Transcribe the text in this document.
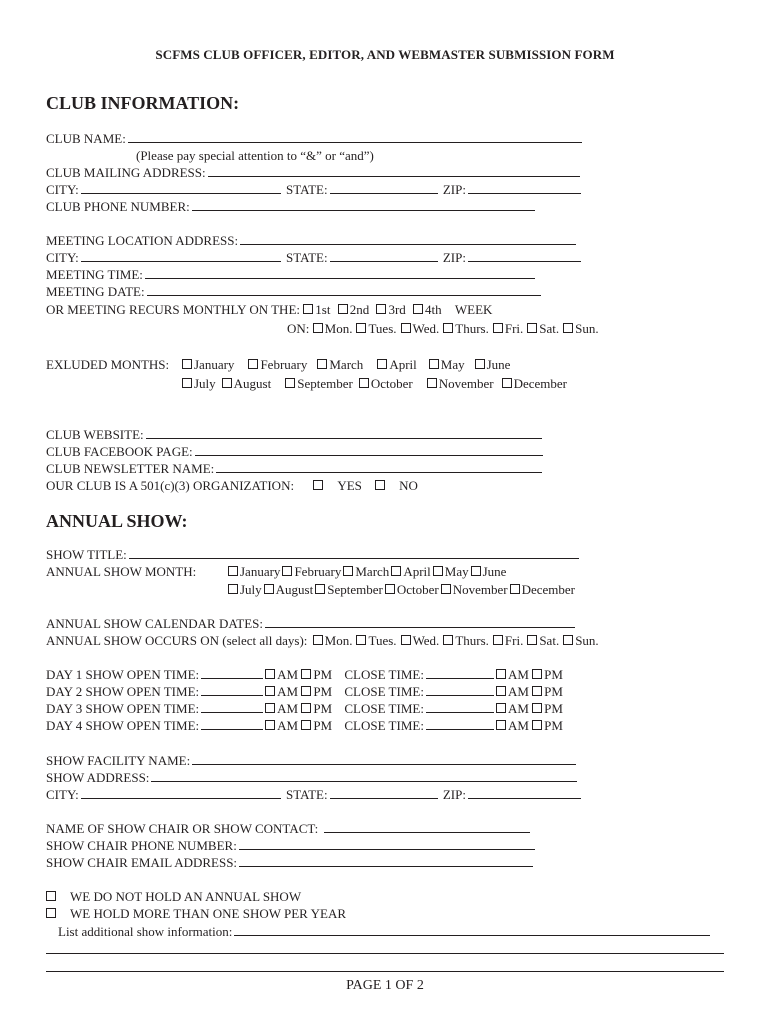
SCFMS CLUB OFFICER, EDITOR, AND WEBMASTER SUBMISSION FORM
CLUB INFORMATION:
CLUB NAME:
(Please pay special attention to “&” or “and”)
CLUB MAILING ADDRESS:
CITY:	STATE:	ZIP:
CLUB PHONE NUMBER:
MEETING LOCATION ADDRESS:
CITY:	STATE:	ZIP:
MEETING TIME:
MEETING DATE:
OR MEETING RECURS MONTHLY ON THE: 1st 2nd 3rd 4th WEEK
ON: Mon. Tues. Wed. Thurs. Fri. Sat. Sun.
EXLUDED MONTHS:	January February March April May June
July August September October November December
CLUB WEBSITE:
CLUB FACEBOOK PAGE:
CLUB NEWSLETTER NAME:
OUR CLUB IS A 501(c)(3) ORGANIZATION:	YES	NO
ANNUAL SHOW:
SHOW TITLE:
ANNUAL SHOW MONTH:	January February March April May June
July August September October November December
ANNUAL SHOW CALENDAR DATES:
ANNUAL SHOW OCCURS ON (select all days): Mon. Tues. Wed. Thurs. Fri. Sat. Sun.
DAY 1 SHOW OPEN TIME:	AM PM CLOSE TIME:	AM PM
DAY 2 SHOW OPEN TIME:	AM PM CLOSE TIME:	AM PM
DAY 3 SHOW OPEN TIME:	AM PM CLOSE TIME:	AM PM
DAY 4 SHOW OPEN TIME:	AM PM CLOSE TIME:	AM PM
SHOW FACILITY NAME:
SHOW ADDRESS:
CITY:	STATE:	ZIP:
NAME OF SHOW CHAIR OR SHOW CONTACT:
SHOW CHAIR PHONE NUMBER:
SHOW CHAIR EMAIL ADDRESS:
WE DO NOT HOLD AN ANNUAL SHOW
WE HOLD MORE THAN ONE SHOW PER YEAR
List additional show information:
PAGE 1 OF 2
